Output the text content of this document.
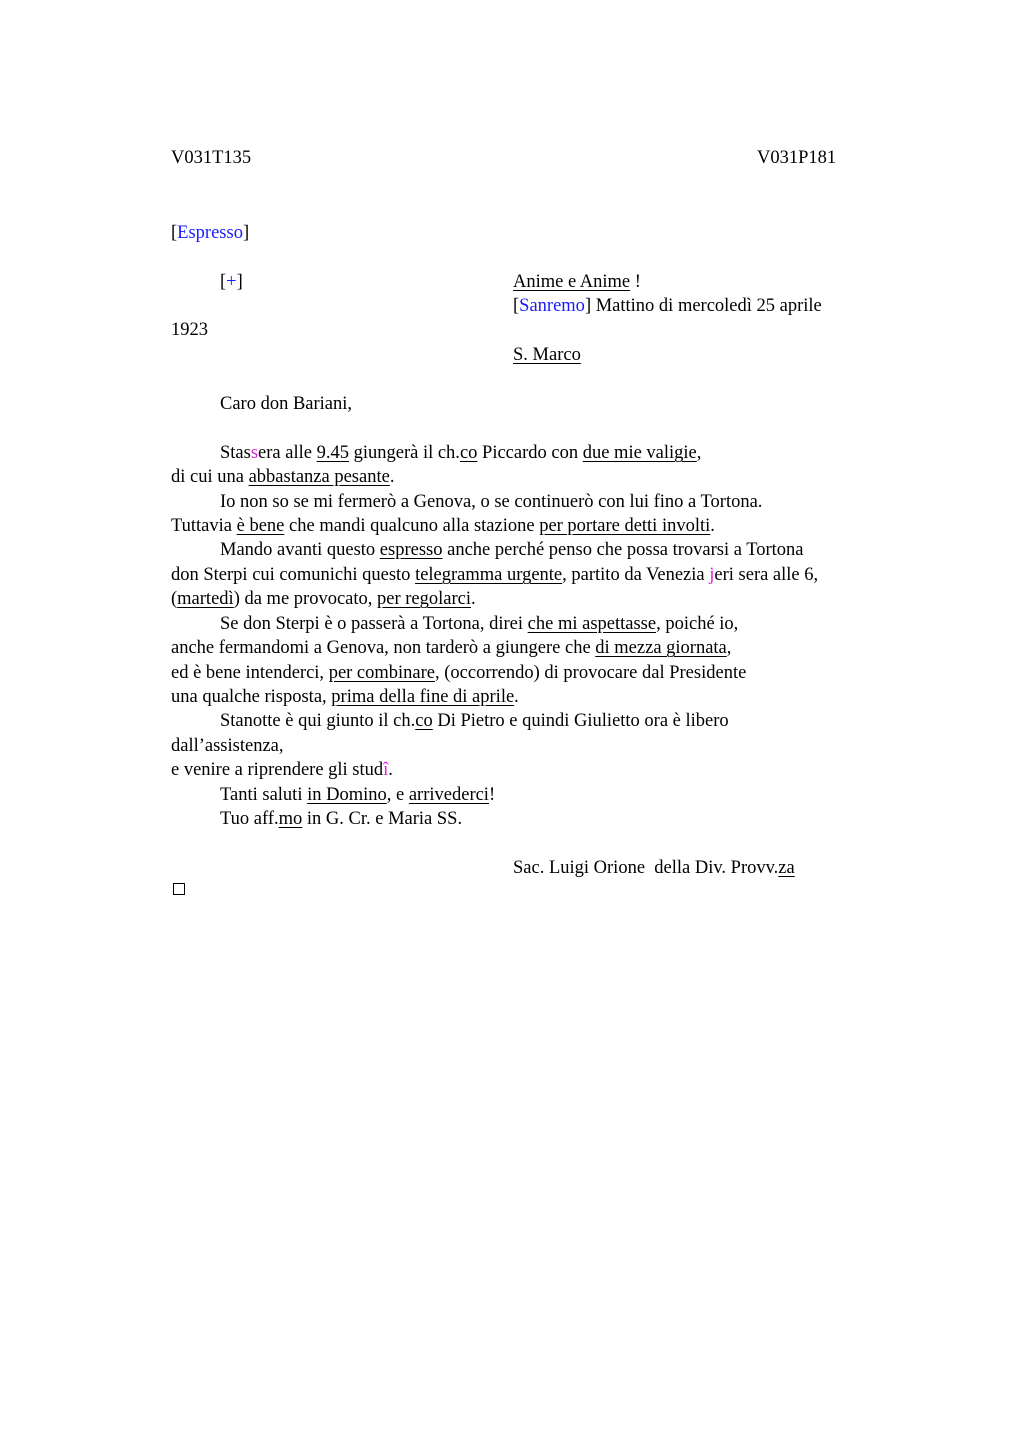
V031T135	V031P181
[Espresso]
[+]	Anime e Anime !
[Sanremo] Mattino di mercoledì 25 aprile
1923
S. Marco
Caro don Bariani,
Stassera alle 9.45 giungerà il ch.co Piccardo con due mie valigie,
di cui una abbastanza pesante.
Io non so se mi fermerò a Genova, o se continuerò con lui fino a Tortona.
Tuttavia è bene che mandi qualcuno alla stazione per portare detti involti.
Mando avanti questo espresso anche perché penso che possa trovarsi a Tortona
don Sterpi cui comunichi questo telegramma urgente, partito da Venezia jeri sera alle 6,
(martedì) da me provocato, per regolarci.
Se don Sterpi è o passerà a Tortona, direi che mi aspettasse, poiché io,
anche fermandomi a Genova, non tarderò a giungere che di mezza giornata,
ed è bene intenderci, per combinare, (occorrendo) di provocare dal Presidente
una qualche risposta, prima della fine di aprile.
Stanotte è qui giunto il ch.co Di Pietro e quindi Giulietto ora è libero
dall’assistenza,
e venire a riprendere gli studî.
Tanti saluti in Domino, e arrivederci!
Tuo aff.mo in G. Cr. e Maria SS.
Sac. Luigi Orione  della Div. Provv.za
